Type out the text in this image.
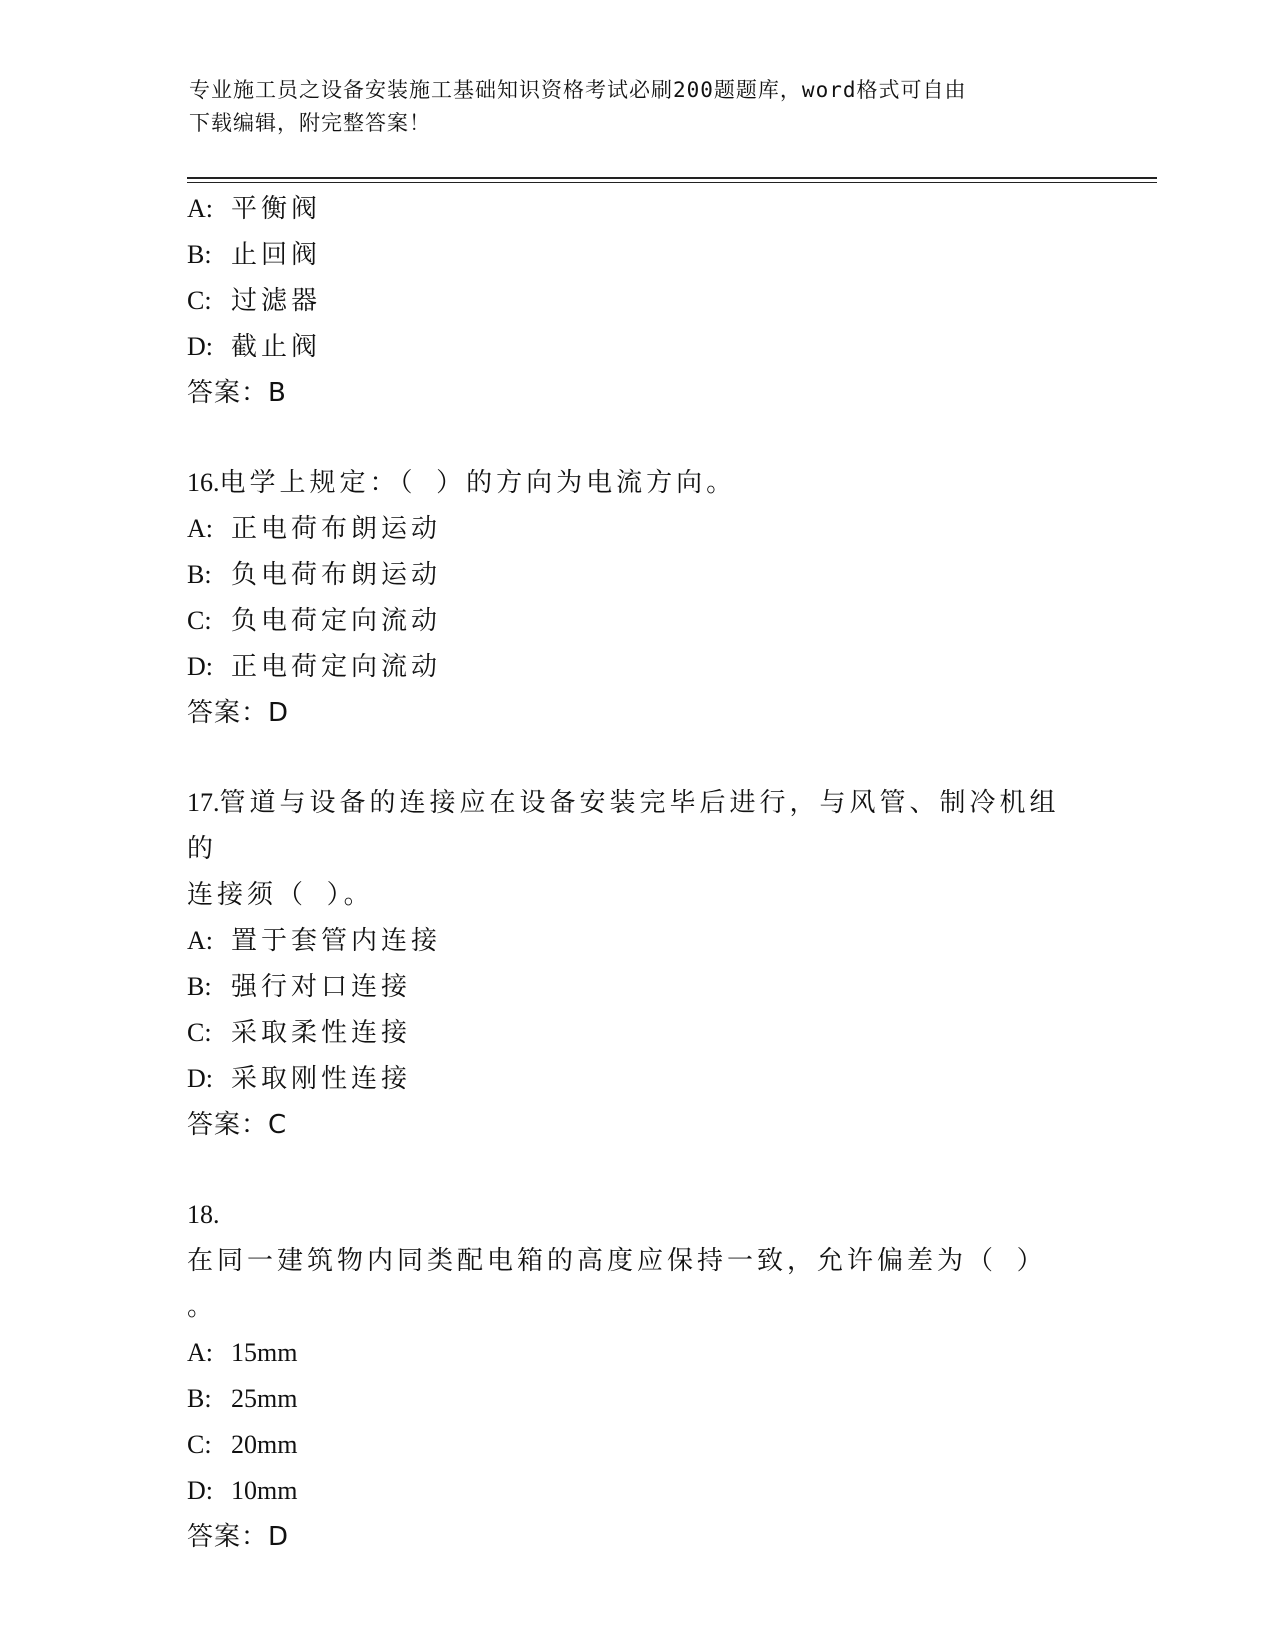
专业施工员之设备安装施工基础知识资格考试必刷200题题库，word格式可自由
下载编辑，附完整答案！
A: 平衡阀
B: 止回阀
C: 过滤器
D: 截止阀
答案：B
16.电学上规定：（ ）的方向为电流方向。
A: 正电荷布朗运动
B: 负电荷布朗运动
C: 负电荷定向流动
D: 正电荷定向流动
答案：D
17.管道与设备的连接应在设备安装完毕后进行，与风管、制冷机组的
连接须（ ）。
A: 置于套管内连接
B: 强行对口连接
C: 采取柔性连接
D: 采取刚性连接
答案：C
18.在同一建筑物内同类配电箱的高度应保持一致，允许偏差为（ ）
。
A: 15mm
B: 25mm
C: 20mm
D: 10mm
答案：D
